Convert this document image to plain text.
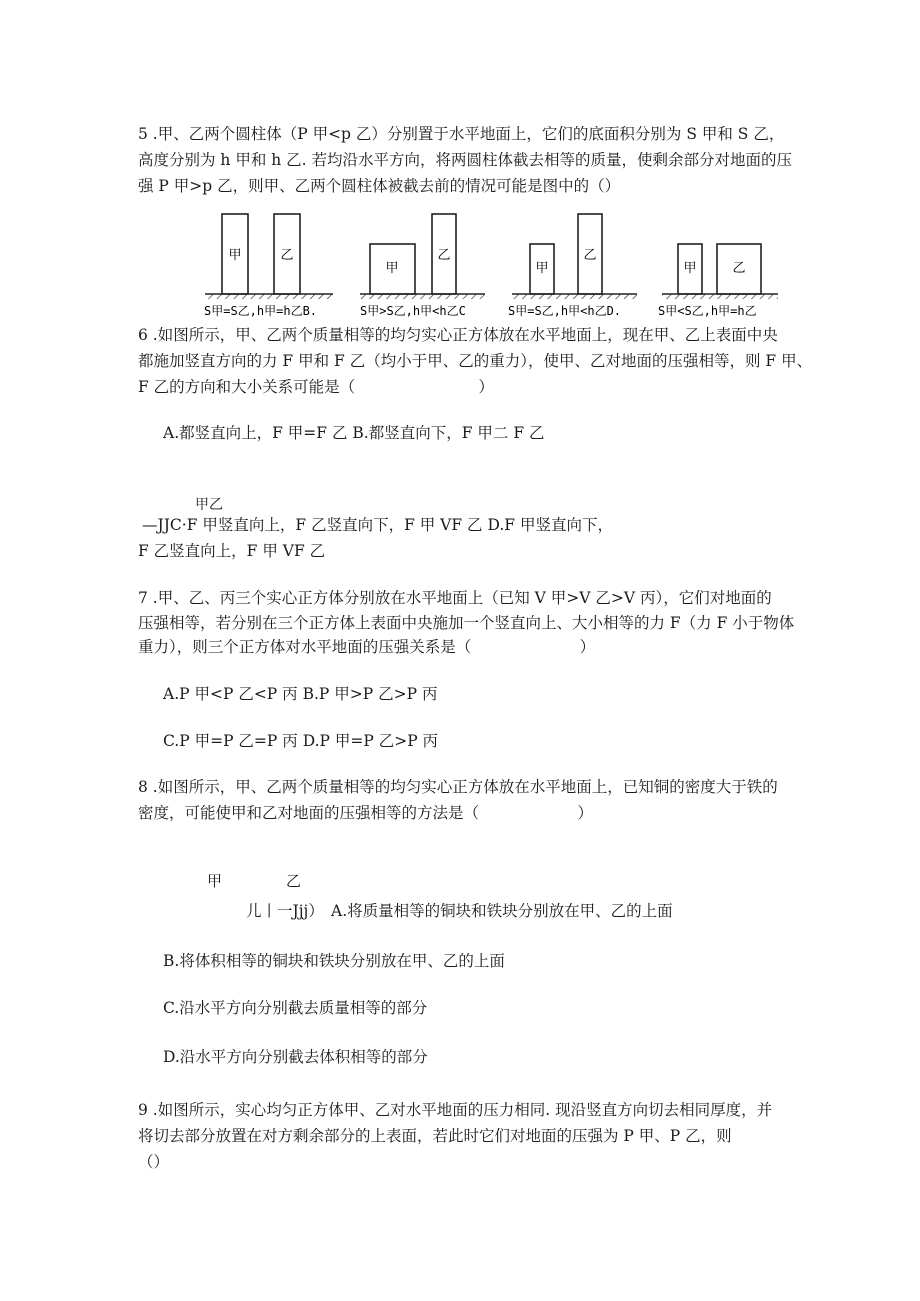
5 .甲、乙两个圆柱体（P 甲<p 乙）分别置于水平地面上，它们的底面积分别为 S 甲和 S 乙，
高度分别为 h 甲和 h 乙. 若均沿水平方向，将两圆柱体截去相等的质量，使剩余部分对地面的压
强 P 甲>p 乙，则甲、乙两个圆柱体被截去前的情况可能是图中的（）
甲	乙
S甲=S乙,h甲=h乙B.
甲
乙
S甲>S乙,h甲<h乙C
甲
乙
S甲=S乙,h甲<h乙D.
甲	乙
S甲<S乙,h甲=h乙
6 .如图所示，甲、乙两个质量相等的均匀实心正方体放在水平地面上，现在甲、乙上表面中央
都施加竖直方向的力 F 甲和 F 乙（均小于甲、乙的重力），使甲、乙对地面的压强相等，则 F 甲、
F 乙的方向和大小关系可能是（                         ）
A.都竖直向上，F 甲=F 乙 B.都竖直向下，F 甲二 F 乙
甲乙
—JJC·F 甲竖直向上，F 乙竖直向下，F 甲 VF 乙 D.F 甲竖直向下，
F 乙竖直向上，F 甲 VF 乙
7 .甲、乙、丙三个实心正方体分别放在水平地面上（已知 V 甲>V 乙>V 丙），它们对地面的
压强相等，若分别在三个正方体上表面中央施加一个竖直向上、大小相等的力 F（力 F 小于物体
重力），则三个正方体对水平地面的压强关系是（                      ）
A.P 甲<P 乙<P 丙 B.P 甲>P 乙>P 丙
C.P 甲=P 乙=P 丙 D.P 甲=P 乙>P 丙
8 .如图所示，甲、乙两个质量相等的均匀实心正方体放在水平地面上，已知铜的密度大于铁的
密度，可能使甲和乙对地面的压强相等的方法是（                    ）
甲	乙
儿丨一Jjj） A.将质量相等的铜块和铁块分别放在甲、乙的上面
B.将体积相等的铜块和铁块分别放在甲、乙的上面
C.沿水平方向分别截去质量相等的部分
D.沿水平方向分别截去体积相等的部分
9 .如图所示，实心均匀正方体甲、乙对水平地面的压力相同. 现沿竖直方向切去相同厚度，并
将切去部分放置在对方剩余部分的上表面，若此时它们对地面的压强为 P 甲、P 乙，则
（）
